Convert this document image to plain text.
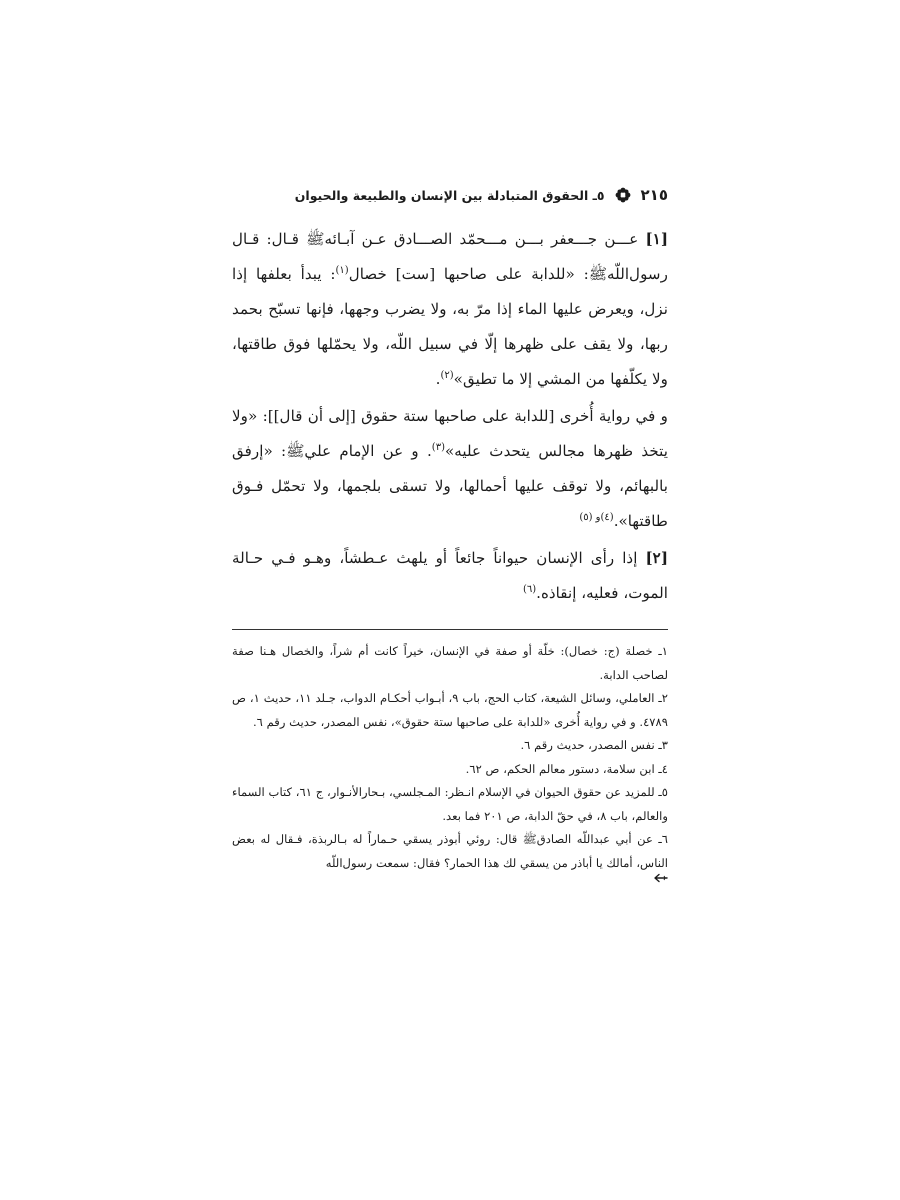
٢١٥
٥ـ الحقوق المتبادلة بين الإنسان والطبيعة والحيوان

[١] عـــن جـــعفر بـــن مـــحمّد الصـــادق عـن آبـائهﷺ قـال: قـال رسول‌اللّهﷺ: «للدابة على صاحبها [ست] خصال$^{(١)}$: يبدأ بعلفها إذا نزل، ويعرض عليها الماء إذا مرّ به، ولا يضرب وجهها، فإنها تسبّح بحمد ربها، ولا يقف على ظهرها إلّا في سبيل اللّه، ولا يحمّلها فوق طاقتها، ولا يكلّفها من المشي إلا ما تطيق»$^{(٢)}$.

و في رواية أُخرى [للدابة على صاحبها ستة حقوق [إلى أن قال]]: «ولا يتخذ ظهرها مجالس يتحدث عليه»$^{(٣)}$. و عن الإمام عليﷺ: «إرفق بالبهائم، ولا توقف عليها أحمالها، ولا تسقى بلجمها، ولا تحمّل فـوق طاقتها».$^{(٤)و (٥)}$

[٢] إذا رأى الإنسان حيواناً جائعاً أو يلهث عـطشاً، وهـو فـي حـالة الموت، فعليه، إنقاذه.$^{(٦)}$

١ـ خصلة (ج: خصال): خلّة أو صفة في الإنسان، خيراً كانت أم شراً، والخصال هـنا صفة لصاحب الدابة.

٢ـ العاملي، وسائل الشيعة، كتاب الحج، باب ٩، أبـواب أحكـام الدواب، جـلد ١١، حديث ١، ص ٤٧٨٩. و في رواية أُخرى «للدابة على صاحبها ستة حقوق»، نفس المصدر، حديث رقم ٦.

٣ـ نفس المصدر، حديث رقم ٦.

٤ـ ابن سلامة، دستور معالم الحكم، ص ٦٢.

٥ـ للمزيد عن حقوق الحيوان في الإسلام انـظر: المـجلسي، بـحارالأنـوار، ج ٦١، كتاب السماء والعالم، باب ٨، في حقّ الدابة، ص ٢٠١ فما بعد.

٦ـ عن أبي عبداللّه الصادقﷺ قال: روئي أبوذر يسقي حـماراً له بـالربذة، فـقال له بعض الناس، أمالك يا أباذر من يسقي لك هذا الحمار؟ فقال: سمعت رسول‌اللّه
